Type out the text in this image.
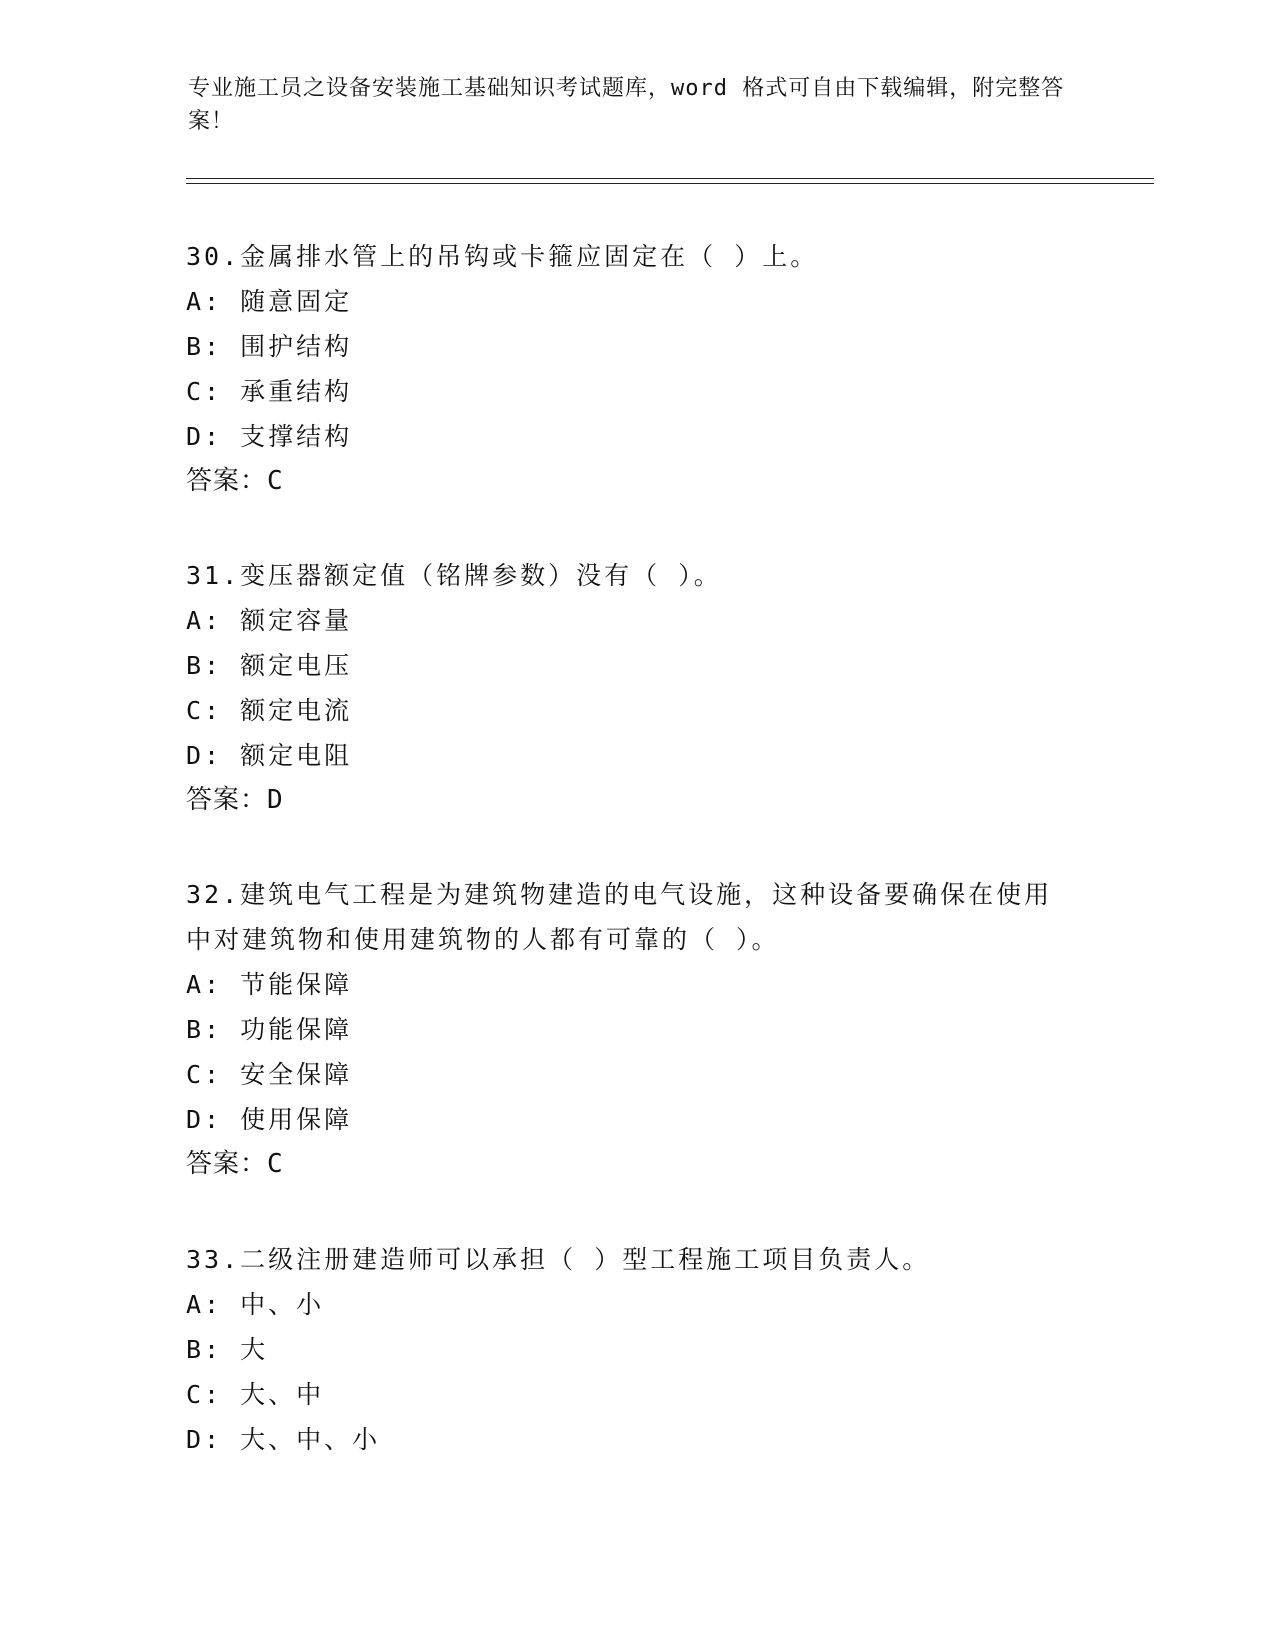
专业施工员之设备安装施工基础知识考试题库，word 格式可自由下载编辑，附完整答案！
30.金属排水管上的吊钩或卡箍应固定在（ ）上。
A: 随意固定
B: 围护结构
C: 承重结构
D: 支撑结构
答案：C
31.变压器额定值（铭牌参数）没有（ ）。
A: 额定容量
B: 额定电压
C: 额定电流
D: 额定电阻
答案：D
32.建筑电气工程是为建筑物建造的电气设施，这种设备要确保在使用中对建筑物和使用建筑物的人都有可靠的（ ）。
A: 节能保障
B: 功能保障
C: 安全保障
D: 使用保障
答案：C
33.二级注册建造师可以承担（ ）型工程施工项目负责人。
A: 中、小
B: 大
C: 大、中
D: 大、中、小
